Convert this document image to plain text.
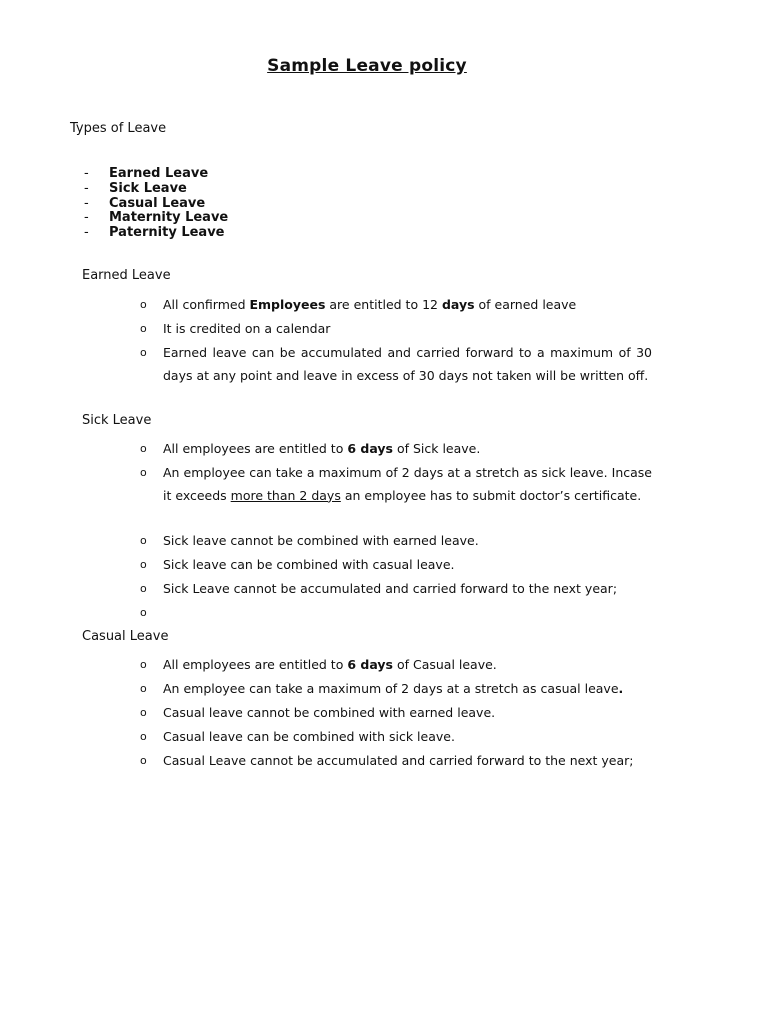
Sample Leave policy
Types of Leave
- Earned Leave
- Sick Leave
- Casual Leave
- Maternity Leave
- Paternity Leave
Earned Leave
o	All confirmed Employees are entitled to 12 days of earned leave
o	It is credited on a calendar
o	Earned leave can be accumulated and carried forward to a maximum of 30 days at any point and leave in excess of 30 days not taken will be written off.
Sick Leave
o	All employees are entitled to 6 days of Sick leave.
o	An employee can take a maximum of 2 days at a stretch as sick leave. Incase it exceeds more than 2 days an employee has to submit doctor’s certificate.
o	Sick leave cannot be combined with earned leave.
o	Sick leave can be combined with casual leave.
o	Sick Leave cannot be accumulated and carried forward to the next year;
o
Casual Leave
o	All employees are entitled to 6 days of Casual leave.
o	An employee can take a maximum of 2 days at a stretch as casual leave.
o	Casual leave cannot be combined with earned leave.
o	Casual leave can be combined with sick leave.
o	Casual Leave cannot be accumulated and carried forward to the next year;
